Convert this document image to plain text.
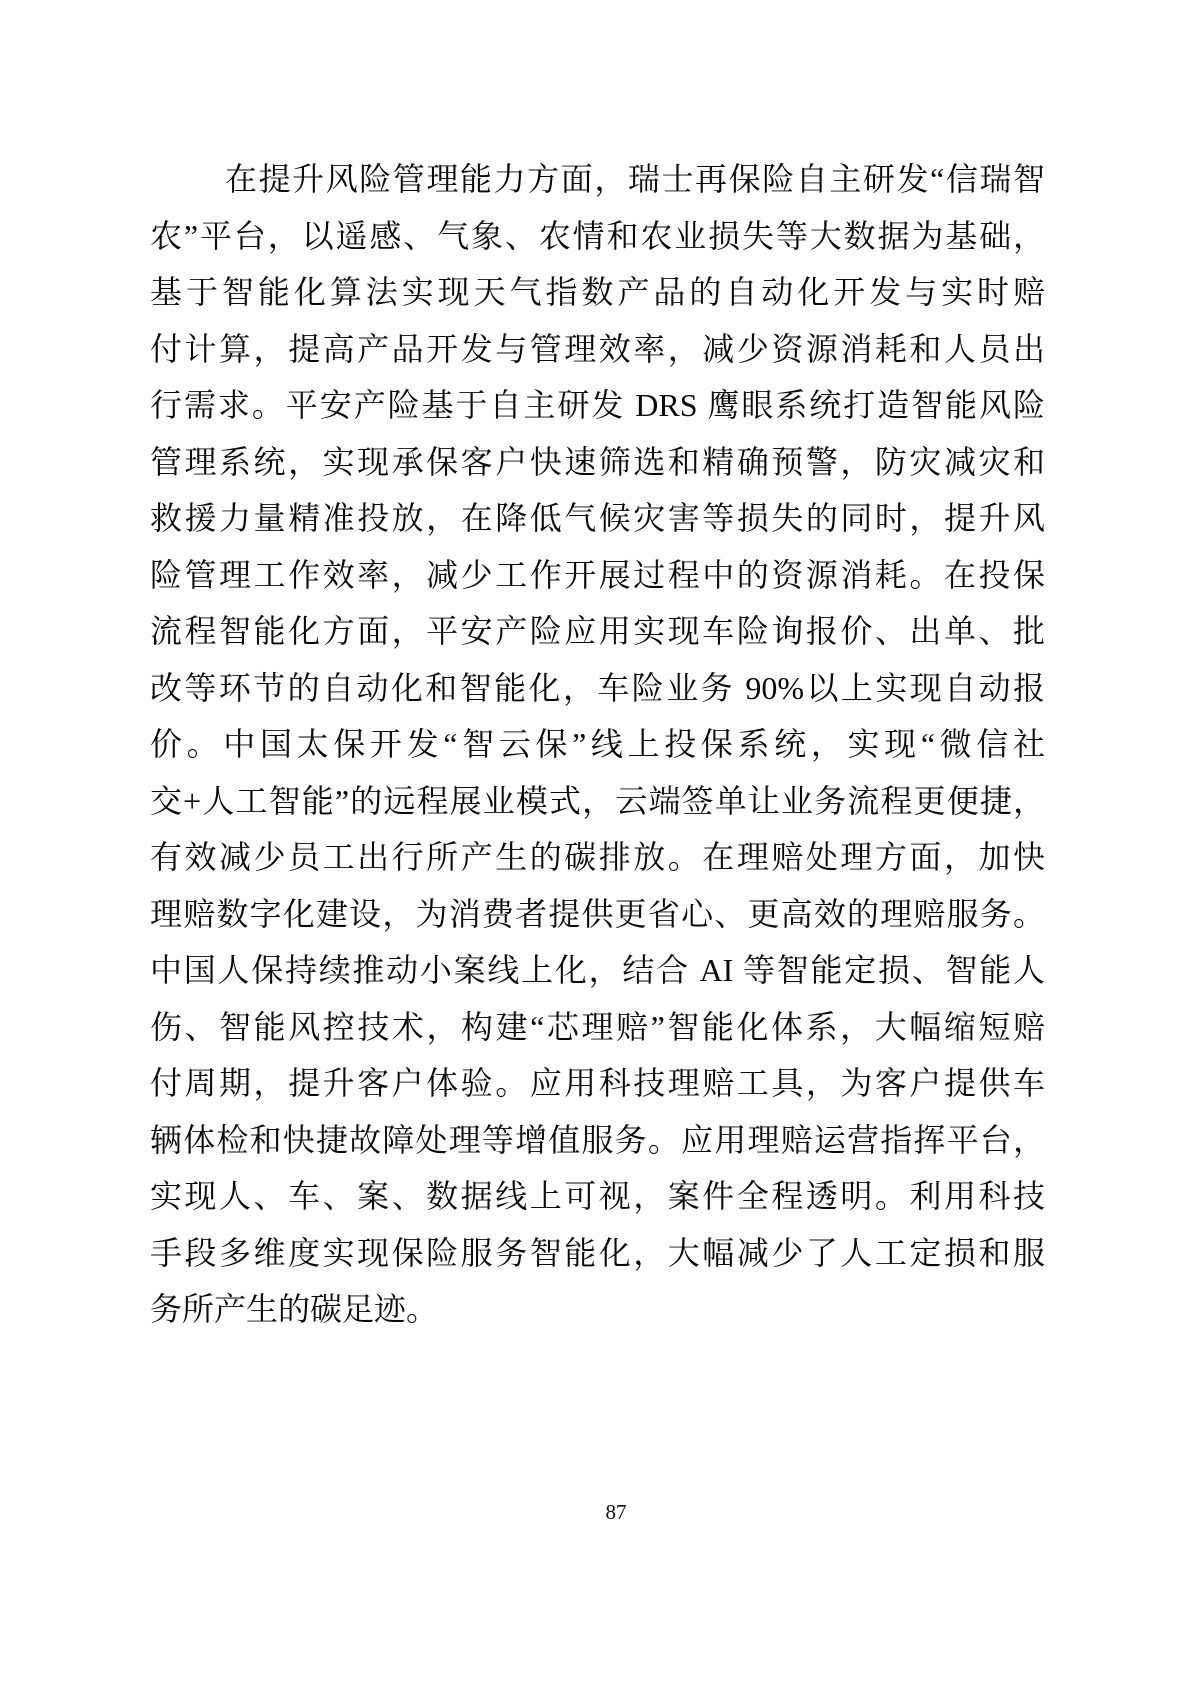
在提升风险管理能力方面，瑞士再保险自主研发“信瑞智
农”平台，以遥感、气象、农情和农业损失等大数据为基础，
基于智能化算法实现天气指数产品的自动化开发与实时赔
付计算，提高产品开发与管理效率，减少资源消耗和人员出
行需求。平安产险基于自主研发 DRS 鹰眼系统打造智能风险
管理系统，实现承保客户快速筛选和精确预警，防灾减灾和
救援力量精准投放，在降低气候灾害等损失的同时，提升风
险管理工作效率，减少工作开展过程中的资源消耗。在投保
流程智能化方面，平安产险应用实现车险询报价、出单、批
改等环节的自动化和智能化，车险业务 90%以上实现自动报
价。中国太保开发“智云保”线上投保系统，实现“微信社
交+人工智能”的远程展业模式，云端签单让业务流程更便捷，
有效减少员工出行所产生的碳排放。在理赔处理方面，加快
理赔数字化建设，为消费者提供更省心、更高效的理赔服务。
中国人保持续推动小案线上化，结合 AI 等智能定损、智能人
伤、智能风控技术，构建“芯理赔”智能化体系，大幅缩短赔
付周期，提升客户体验。应用科技理赔工具，为客户提供车
辆体检和快捷故障处理等增值服务。应用理赔运营指挥平台，
实现人、车、案、数据线上可视，案件全程透明。利用科技
手段多维度实现保险服务智能化，大幅减少了人工定损和服
务所产生的碳足迹。
87
